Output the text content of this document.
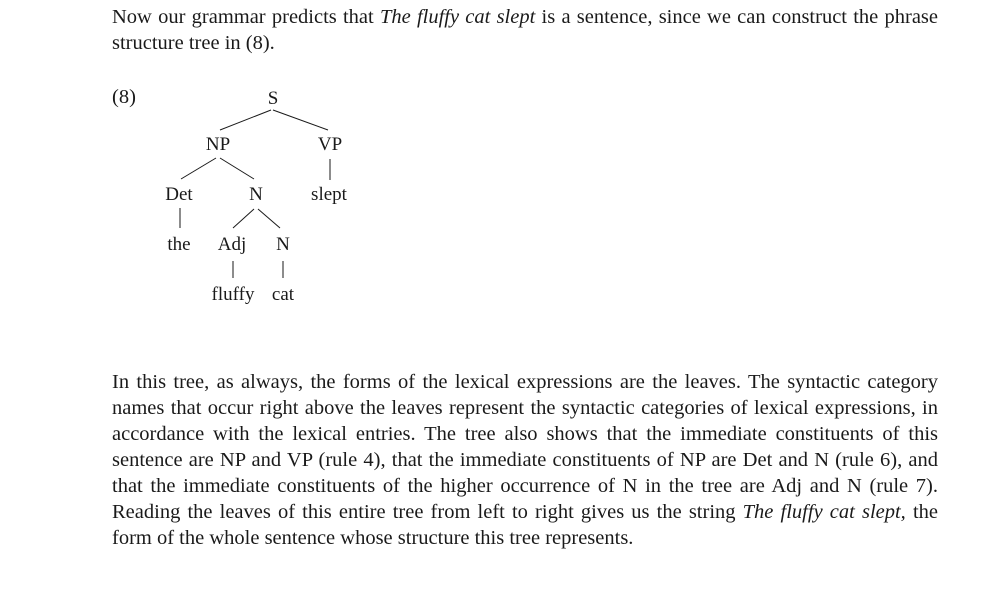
Now our grammar predicts that The fluffy cat slept is a sentence, since we can construct the phrase structure tree in (8).

(8)	S
NP	VP
Det	N	slept
the Adj N
fluffy cat

In this tree, as always, the forms of the lexical expressions are the leaves. The syntactic category names that occur right above the leaves represent the syntactic categories of lexical expressions, in accordance with the lexical entries. The tree also shows that the immediate constituents of this sentence are NP and VP (rule 4), that the immediate constituents of NP are Det and N (rule 6), and that the immediate constituents of the higher occurrence of N in the tree are Adj and N (rule 7). Reading the leaves of this entire tree from left to right gives us the string The fluffy cat slept, the form of the whole sentence whose structure this tree represents.
